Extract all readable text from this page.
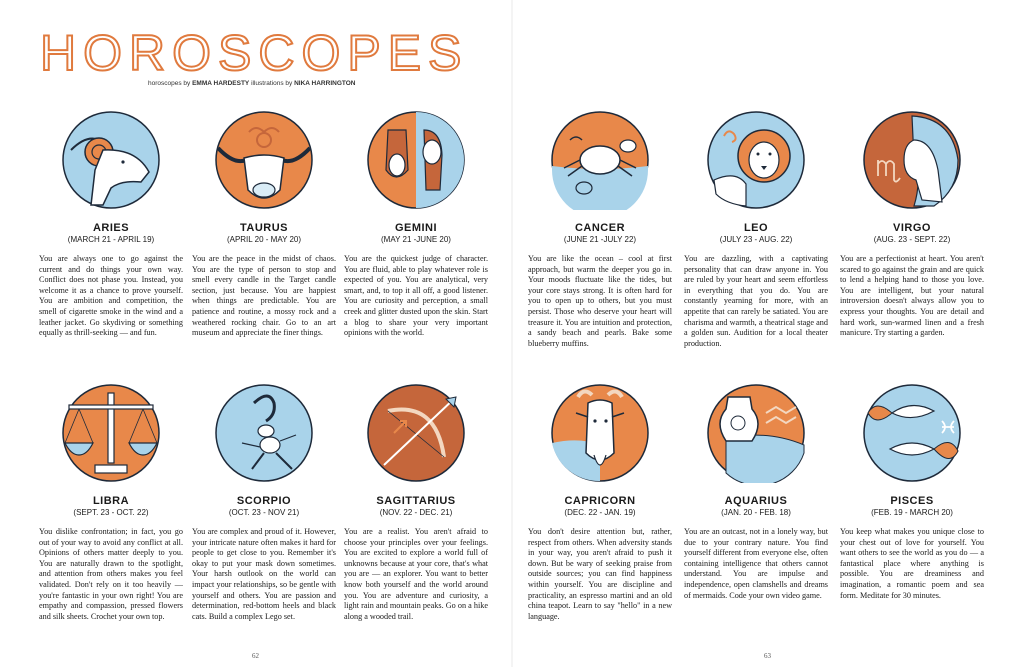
HOROSCOPES
horoscopes by EMMA HARDESTY illustrations by NIKA HARRINGTON
ARIES
(MARCH 21 - APRIL 19)
You are always one to go against the current and do things your own way. Conflict does not phase you. Instead, you welcome it as a chance to prove yourself. You are ambition and competition, the smell of cigarette smoke in the wind and a leather jacket. Go skydiving or something equally as thrill-seeking — and fun.
TAURUS
(APRIL 20 - MAY 20)
You are the peace in the midst of chaos. You are the type of person to stop and smell every candle in the Target candle section, just because. You are happiest when things are predictable. You are patience and routine, a mossy rock and a weathered rocking chair. Go to an art museum and appreciate the finer things.
GEMINI
(MAY 21 -JUNE 20)
You are the quickest judge of character. You are fluid, able to play whatever role is expected of you. You are analytical, very smart, and, to top it all off, a good listener. You are curiosity and perception, a small creek and glitter dusted upon the skin. Start a blog to share your very important opinions with the world.
LIBRA
(SEPT. 23 - OCT. 22)
You dislike confrontation; in fact, you go out of your way to avoid any conflict at all. Opinions of others matter deeply to you. You are naturally drawn to the spotlight, and attention from others makes you feel validated. Don't rely on it too heavily — you're fantastic in your own right! You are empathy and compassion, pressed flowers and silk sheets. Crochet your own top.
SCORPIO
(OCT. 23 - NOV 21)
You are complex and proud of it. However, your intricate nature often makes it hard for people to get close to you. Remember it's okay to put your mask down sometimes. Your harsh outlook on the world can impact your relationships, so be gentle with yourself and others. You are passion and determination, red-bottom heels and black cats. Build a complex Lego set.
SAGITTARIUS
(NOV. 22 - DEC. 21)
You are a realist. You aren't afraid to choose your principles over your feelings. You are excited to explore a world full of unknowns because at your core, that's what you are — an explorer. You want to better know both yourself and the world around you. You are adventure and curiosity, a light rain and mountain peaks. Go on a hike along a wooded trail.
62
CANCER
(JUNE 21 -JULY 22)
You are like the ocean – cool at first approach, but warm the deeper you go in. Your moods fluctuate like the tides, but your core stays strong. It is often hard for you to open up to others, but you must persist. Those who deserve your heart will treasure it. You are intuition and protection, a sandy beach and pearls. Bake some blueberry muffins.
LEO
(JULY 23 - AUG. 22)
You are dazzling, with a captivating personality that can draw anyone in. You are ruled by your heart and seem effortless in everything that you do. You are constantly yearning for more, with an appetite that can rarely be satiated. You are charisma and warmth, a theatrical stage and a golden sun. Audition for a local theater production.
VIRGO
(AUG. 23 - SEPT. 22)
You are a perfectionist at heart. You aren't scared to go against the grain and are quick to lend a helping hand to those you love. You are intelligent, but your natural introversion doesn't always allow you to express your thoughts. You are detail and hard work, sun-warmed linen and a fresh manicure. Try starting a garden.
CAPRICORN
(DEC. 22 - JAN. 19)
You don't desire attention but, rather, respect from others. When adversity stands in your way, you aren't afraid to push it down. But be wary of seeking praise from outside sources; you can find happiness within yourself. You are discipline and practicality, an espresso martini and an old china teapot. Learn to say "hello" in a new language.
AQUARIUS
(JAN. 20 - FEB. 18)
You are an outcast, not in a lonely way, but due to your contrary nature. You find yourself different from everyone else, often containing intelligence that others cannot understand. You are impulse and independence, open clamshells and dreams of mermaids. Code your own video game.
PISCES
(FEB. 19 - MARCH 20)
You keep what makes you unique close to your chest out of love for yourself. You want others to see the world as you do — a fantastical place where anything is possible. You are dreaminess and imagination, a romantic poem and sea form. Meditate for 30 minutes.
63
